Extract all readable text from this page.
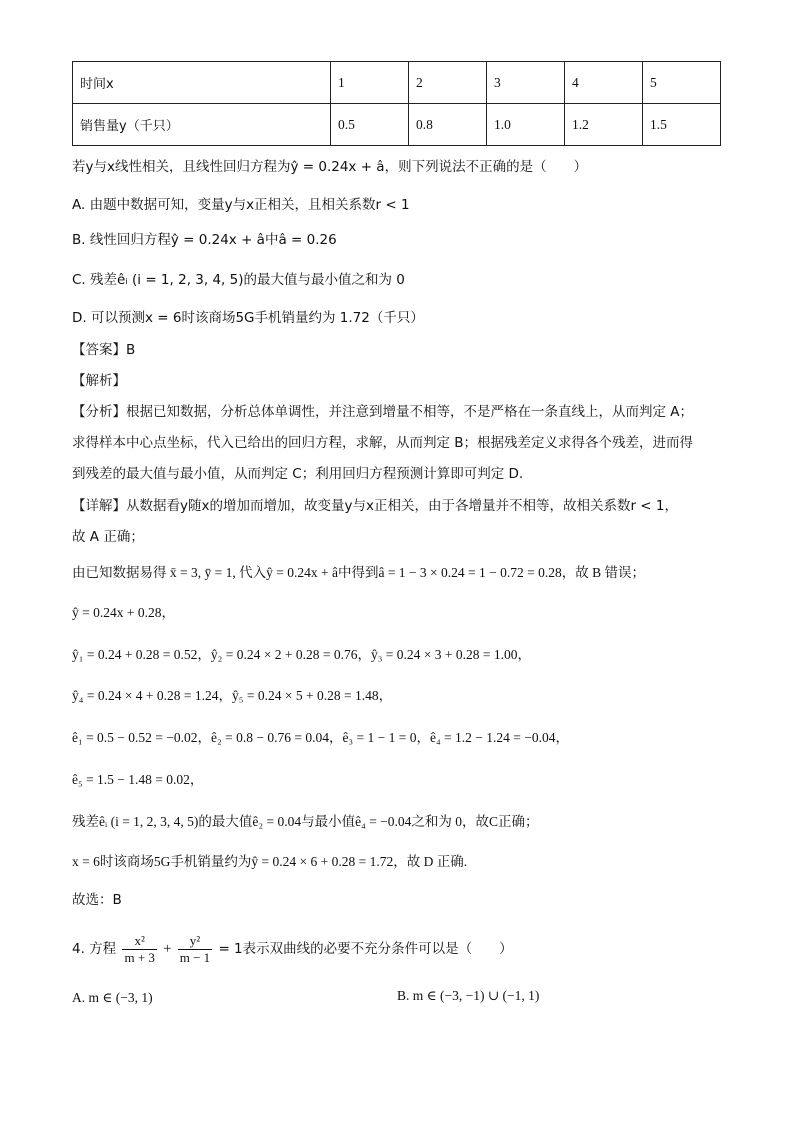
时间x	1	2	3	4	5
销售量y（千只）	0.5	0.8	1.0	1.2	1.5
若y与x线性相关，且线性回归方程为ŷ = 0.24x + â，则下列说法不正确的是（　　）
A. 由题中数据可知，变量y与x正相关，且相关系数r < 1
B. 线性回归方程ŷ = 0.24x + â中â = 0.26
C. 残差êᵢ (i = 1, 2, 3, 4, 5)的最大值与最小值之和为 0
D. 可以预测x = 6时该商场5G手机销量约为 1.72（千只）
【答案】B
【解析】
【分析】根据已知数据，分析总体单调性，并注意到增量不相等，不是严格在一条直线上，从而判定 A；
求得样本中心点坐标，代入已给出的回归方程，求解，从而判定 B；根据残差定义求得各个残差，进而得
到残差的最大值与最小值，从而判定 C；利用回归方程预测计算即可判定 D.
【详解】从数据看y随x的增加而增加，故变量y与x正相关，由于各增量并不相等，故相关系数r < 1，
故 A 正确；
由已知数据易得 x̄ = 3, ȳ = 1, 代入ŷ = 0.24x + â中得到â = 1 − 3 × 0.24 = 1 − 0.72 = 0.28，故 B 错误；
ŷ = 0.24x + 0.28，
ŷ₁ = 0.24 + 0.28 = 0.52，ŷ₂ = 0.24 × 2 + 0.28 = 0.76，ŷ₃ = 0.24 × 3 + 0.28 = 1.00，
ŷ₄ = 0.24 × 4 + 0.28 = 1.24，ŷ₅ = 0.24 × 5 + 0.28 = 1.48，
ê₁ = 0.5 − 0.52 = −0.02，ê₂ = 0.8 − 0.76 = 0.04，ê₃ = 1 − 1 = 0，ê₄ = 1.2 − 1.24 = −0.04，
ê₅ = 1.5 − 1.48 = 0.02，
残差êᵢ (i = 1, 2, 3, 4, 5)的最大值ê₂ = 0.04与最小值ê₄ = −0.04之和为 0，故C正确；
x = 6时该商场5G手机销量约为ŷ = 0.24 × 6 + 0.28 = 1.72，故 D 正确.
故选：B
4. 方程 $\frac{\text{x²}}{m + 3} + \frac{\text{y²}}{m - 1} = 1$表示双曲线的必要不充分条件可以是（　　）
A. m ∈ (−3, 1)	B. m ∈ (−3, −1) ∪ (−1, 1)
